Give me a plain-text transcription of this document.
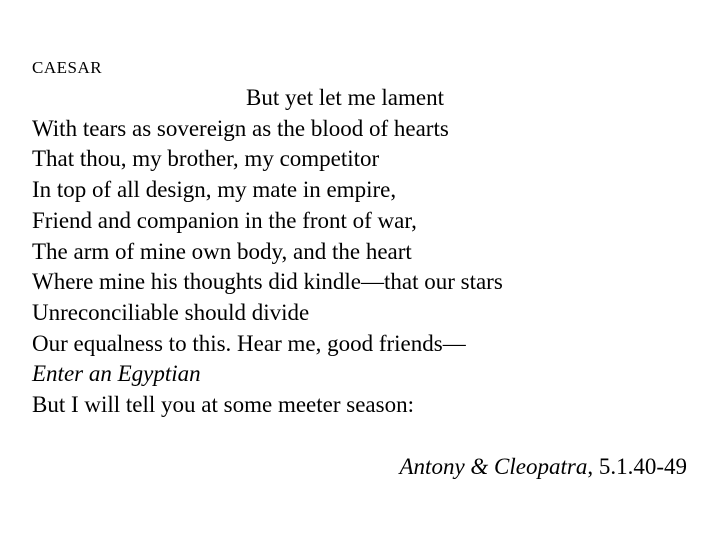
CAESAR
But yet let me lament
With tears as sovereign as the blood of hearts
That thou, my brother, my competitor
In top of all design, my mate in empire,
Friend and companion in the front of war,
The arm of mine own body, and the heart
Where mine his thoughts did kindle—that our stars
Unreconciliable should divide
Our equalness to this. Hear me, good friends—
Enter an Egyptian
But I will tell you at some meeter season:
Antony & Cleopatra, 5.1.40-49
